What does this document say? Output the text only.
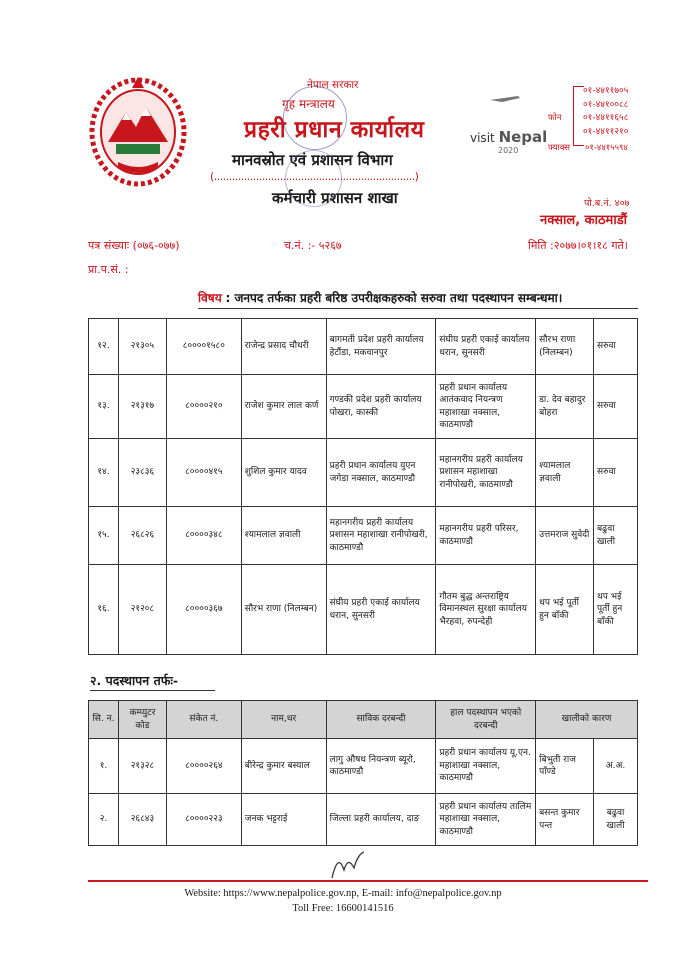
नेपाल सरकार
गृह मन्त्रालय
प्रहरी प्रधान कार्यालय
मानवस्रोत एवं प्रशासन विभाग
(...................................................................)
कर्मचारी प्रशासन शाखा
visit Nepal
2020
फोन
०१-४४११७०५
०१-४४१००८८
०१-४४११६५८
०१-४४११२१०
फ्याक्स ०१-४४१५५९४
पो.ब.नं. ४०७
नक्साल, काठमाडौं
पत्र संख्याः (०७६-०७७)	च.नं. :- ५२६७	मिति :२०७७।०१।१८ गते।
प्रा.प.सं. :
विषय : जनपद तर्फका प्रहरी बरिष्ठ उपरीक्षकहरुको सरुवा तथा पदस्थापन सम्बन्धमा।
१२.	२१३०५	८००००१५८०	राजेन्द्र प्रसाद चौधरी	बागमती प्रदेश प्रहरी कार्यालय हेटौंडा, मकवानपुर	संघीय प्रहरी एकाई कार्यालय धरान, सुनसरी	सौरभ राणा (निलम्बन)	सरुवा
१३.	२१३१७	८००००२१०	राजेश कुमार लाल कर्ण	गण्डकी प्रदेश प्रहरी कार्यालय पोखरा, कास्की	प्रहरी प्रधान कार्यालय आतंकवाद नियन्त्रण महाशाखा नक्साल, काठमाण्डौ	डा. देव बहादुर बोहरा	सरुवा
१४.	२३८३६	८००००४१५	शुशिल कुमार यादव	प्रहरी प्रधान कार्यालय युएन जगेडा नक्साल, काठमाण्डौ	महानगरीय प्रहरी कार्यालय प्रशासन महाशाखा रानीपोखरी, काठमाण्डौ	श्यामलाल ज्ञवाली	सरुवा
१५.	२६८२६	८००००३४८	श्यामलाल ज्ञवाली	महानगरीय प्रहरी कार्यालय प्रशासन महाशाखा रानीपोखरी, काठमाण्डौ	महानगरीय प्रहरी परिसर, काठमाण्डौ	उत्तमराज सुवेदी	बढुवा खाली
१६.	२१२०८	८००००३६७	सौरभ राणा (निलम्बन)	संघीय प्रहरी एकाई कार्यालय धरान, सुनसरी	गौतम बुद्ध अन्तराष्ट्रिय विमानस्थल सुरक्षा कार्यालय भैरहवा, रुपन्देही	थप भई पूर्ती हुन बाँकी	थप भई पूर्ती हुन बाँकी
२. पदस्थापन तर्फः-
सि. न.	कम्प्युटर कोड	संकेत नं.	नाम,थर	साविक दरबन्दी	हाल पदस्थापन भएको दरबन्दी	खालीको कारण	
१.	२१३२८	८००००२६४	बीरेन्द्र कुमार बस्याल	लागु औषध नियन्त्रण ब्यूरो, काठमाण्डौ	प्रहरी प्रधान कार्यालय यू.एन. महाशाखा नक्साल, काठमाण्डौ	बिभुती राज पाँण्डे	अ.अ.
२.	२६८४३	८००००२२३	जनक भट्टराई	जिल्ला प्रहरी कार्यालय, दाङ	प्रहरी प्रधान कार्यालय तालिम महाशाखा नक्साल, काठमाण्डौ	बसन्त कुमार पन्त	बढुवा खाली
Website: https://www.nepalpolice.gov.np, E-mail: info@nepalpolice.gov.np
Toll Free: 16600141516
